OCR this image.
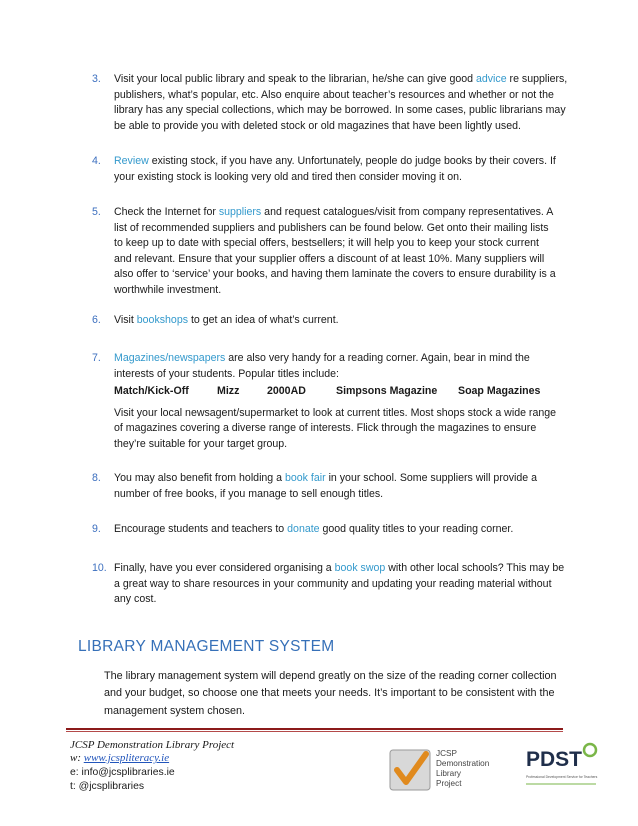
3. Visit your local public library and speak to the librarian, he/she can give good advice re suppliers,
publishers, what’s popular, etc. Also enquire about teacher’s resources and whether or not the
library has any special collections, which may be borrowed. In some cases, public librarians may
be able to provide you with deleted stock or old magazines that have been lightly used.
4. Review existing stock, if you have any. Unfortunately, people do judge books by their covers. If
your existing stock is looking very old and tired then consider moving it on.
5. Check the Internet for suppliers and request catalogues/visit from company representatives. A
list of recommended suppliers and publishers can be found below. Get onto their mailing lists
to keep up to date with special offers, bestsellers; it will help you to keep your stock current
and relevant. Ensure that your supplier offers a discount of at least 10%. Many suppliers will
also offer to ‘service’ your books, and having them laminate the covers to ensure durability is a
worthwhile investment.
6. Visit bookshops to get an idea of what’s current.
7. Magazines/newspapers are also very handy for a reading corner. Again, bear in mind the
interests of your students. Popular titles include:
Match/Kick-Off	Mizz	2000AD	Simpsons Magazine	Soap Magazines
Visit your local newsagent/supermarket to look at current titles. Most shops stock a wide range
of magazines covering a diverse range of interests. Flick through the magazines to ensure
they’re suitable for your target group.
8. You may also benefit from holding a book fair in your school. Some suppliers will provide a
number of free books, if you manage to sell enough titles.
9. Encourage students and teachers to donate good quality titles to your reading corner.
10. Finally, have you ever considered organising a book swop with other local schools? This may be
a great way to share resources in your community and updating your reading material without
any cost.
LIBRARY MANAGEMENT SYSTEM
The library management system will depend greatly on the size of the reading corner collection
and your budget, so choose one that meets your needs. It’s important to be consistent with the
management system chosen.
JCSP Demonstration Library Project
w: www.jcspliteracy.ie
e: info@jcsplibraries.ie
t: @jcsplibraries
JCSP
Demonstration
Library
Project
PDST
Professional Development Service for Teachers
